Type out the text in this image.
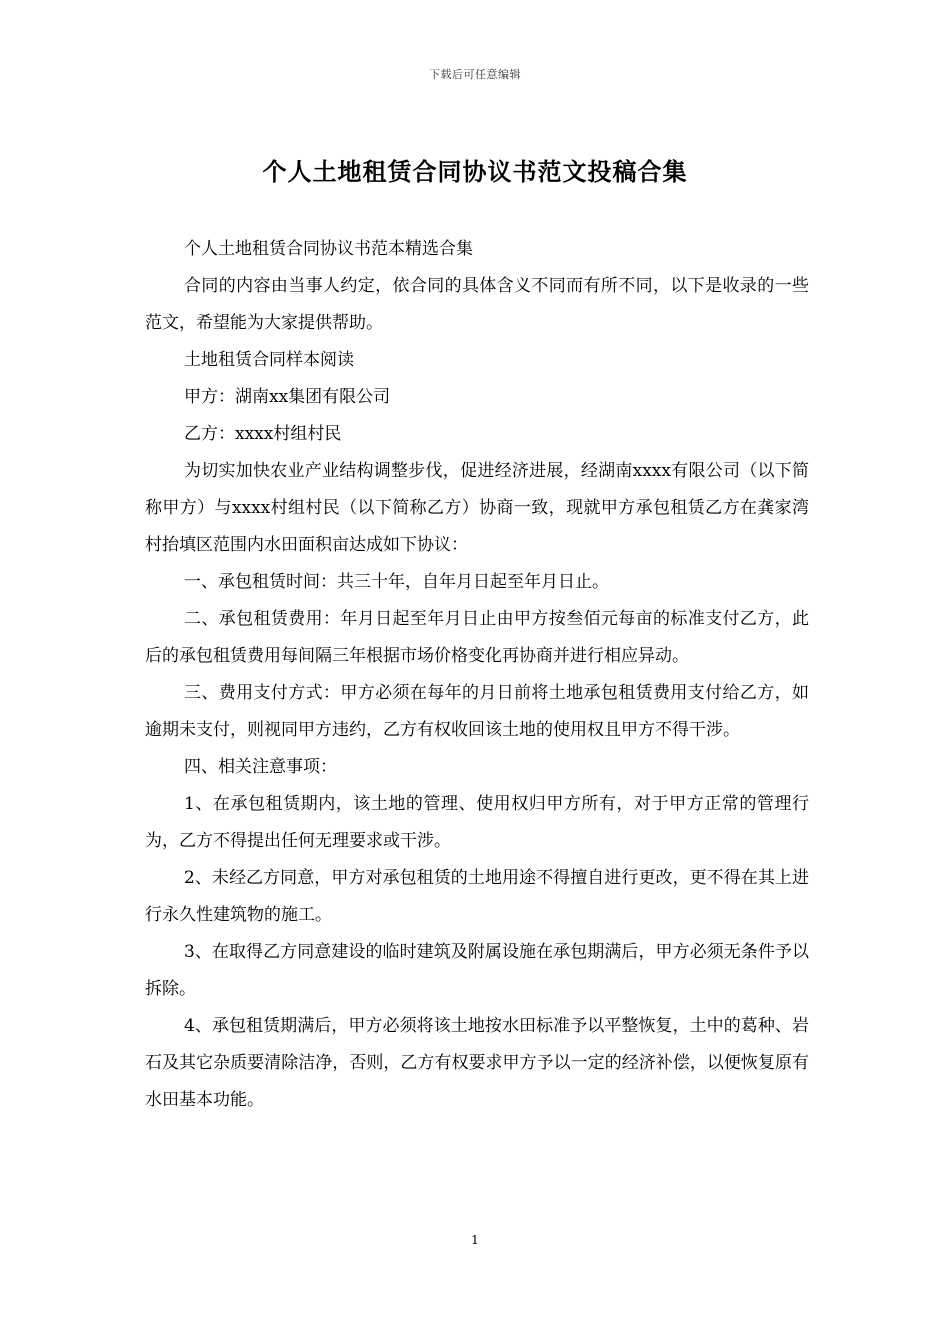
下载后可任意编辑
个人土地租赁合同协议书范文投稿合集

个人土地租赁合同协议书范本精选合集

合同的内容由当事人约定，依合同的具体含义不同而有所不同，以下是收录的一些范文，希望能为大家提供帮助。

土地租赁合同样本阅读

甲方：湖南xx集团有限公司

乙方：xxxx村组村民

为切实加快农业产业结构调整步伐，促进经济进展，经湖南xxxx有限公司（以下简称甲方）与xxxx村组村民（以下简称乙方）协商一致，现就甲方承包租赁乙方在龚家湾村抬填区范围内水田面积亩达成如下协议：

一、承包租赁时间：共三十年，自年月日起至年月日止。

二、承包租赁费用：年月日起至年月日止由甲方按叁佰元每亩的标准支付乙方，此后的承包租赁费用每间隔三年根据市场价格变化再协商并进行相应异动。

三、费用支付方式：甲方必须在每年的月日前将土地承包租赁费用支付给乙方，如逾期未支付，则视同甲方违约，乙方有权收回该土地的使用权且甲方不得干涉。

四、相关注意事项：

1、在承包租赁期内，该土地的管理、使用权归甲方所有，对于甲方正常的管理行为，乙方不得提出任何无理要求或干涉。

2、未经乙方同意，甲方对承包租赁的土地用途不得擅自进行更改，更不得在其上进行永久性建筑物的施工。

3、在取得乙方同意建设的临时建筑及附属设施在承包期满后，甲方必须无条件予以拆除。

4、承包租赁期满后，甲方必须将该土地按水田标准予以平整恢复，土中的葛种、岩石及其它杂质要清除洁净，否则，乙方有权要求甲方予以一定的经济补偿，以便恢复原有水田基本功能。

1
